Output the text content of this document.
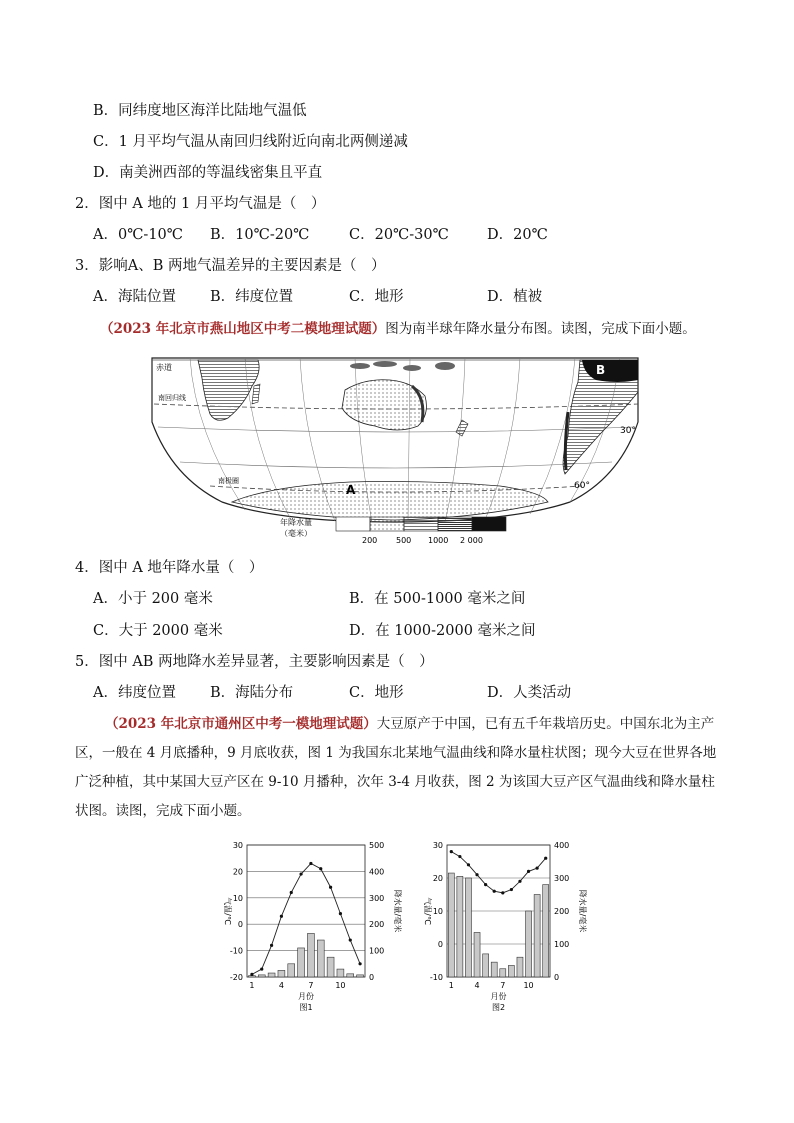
B．同纬度地区海洋比陆地气温低
C．1 月平均气温从南回归线附近向南北两侧递减
D．南美洲西部的等温线密集且平直
2．图中 A 地的 1 月平均气温是（　）
A．0℃-10℃ B．10℃-20℃	C．20℃-30℃	D．20℃
3．影响A、B 两地气温差异的主要因素是（　）
A．海陆位置 B．纬度位置	C．地形	D．植被
（2023 年北京市燕山地区中考二模地理试题）图为南半球年降水量分布图。读图，完成下面小题。
B
A
赤道
南回归线
南极圈
30°
60°
年降水量
（毫米）
200 500 1000 2 000
4．图中 A 地年降水量（　）
A．小于 200 毫米	B．在 500-1000 毫米之间
C．大于 2000 毫米	D．在 1000-2000 毫米之间
5．图中 AB 两地降水差异显著，主要影响因素是（　）
A．纬度位置 B．海陆分布	C．地形	D．人类活动
（2023 年北京市通州区中考一模地理试题）大豆原产于中国，已有五千年栽培历史。中国东北为主产
区，一般在 4 月底播种，9 月底收获，图 1 为我国东北某地气温曲线和降水量柱状图；现今大豆在世界各地
广泛种植，其中某国大豆产区在 9-10 月播种，次年 3-4 月收获，图 2 为该国大豆产区气温曲线和降水量柱
状图。读图，完成下面小题。
-20
-10
0
10
20
30
0
100
200
300
400
500
1	4	7	10
月份
图1
气温/℃	降水量/毫米
-10
0
10
20
30
0
100
200
300
400
1	4	7 10
月份
图2
气温/℃	降水量/毫米
